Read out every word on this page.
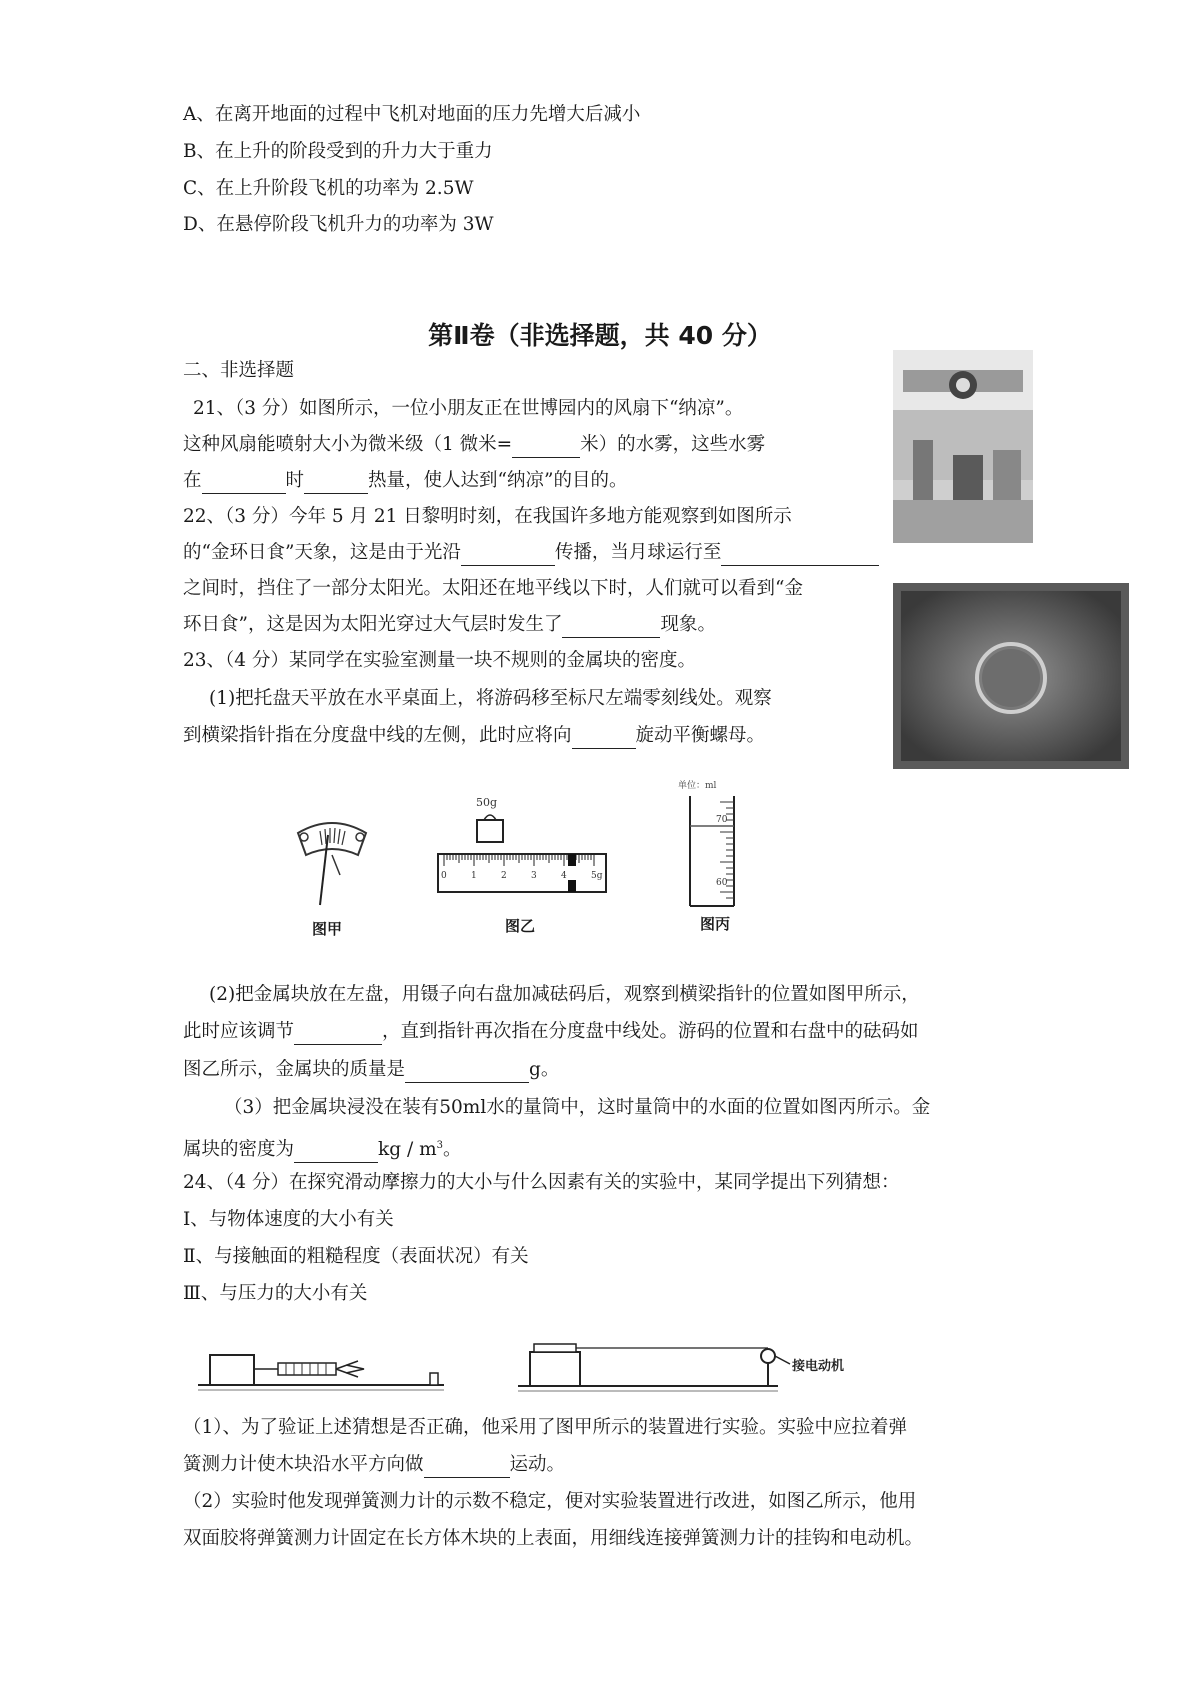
A、在离开地面的过程中飞机对地面的压力先增大后减小
B、在上升的阶段受到的升力大于重力
C、在上升阶段飞机的功率为 2.5W
D、在悬停阶段飞机升力的功率为 3W
第Ⅱ卷（非选择题，共 40 分）
二、非选择题
21、（3 分）如图所示，一位小朋友正在世博园内的风扇下“纳凉”。
这种风扇能喷射大小为微米级（1 微米=	米）的水雾，这些水雾
在	时	热量，使人达到“纳凉”的目的。
22、（3 分）今年 5 月 21 日黎明时刻，在我国许多地方能观察到如图所示
的“金环日食”天象，这是由于光沿	传播，当月球运行至
之间时，挡住了一部分太阳光。太阳还在地平线以下时，人们就可以看到“金
环日食”，这是因为太阳光穿过大气层时发生了	现象。
23、（4 分）某同学在实验室测量一块不规则的金属块的密度。
(1)把托盘天平放在水平桌面上，将游码移至标尺左端零刻线处。观察
到横梁指针指在分度盘中线的左侧，此时应将向	旋动平衡螺母。
图甲
50g
0	1	2	3	4	5g
图乙
单位：ml
70
60
图丙
(2)把金属块放在左盘，用镊子向右盘加减砝码后，观察到横梁指针的位置如图甲所示，
此时应该调节	，直到指针再次指在分度盘中线处。游码的位置和右盘中的砝码如
图乙所示，金属块的质量是	g。
（3）把金属块浸没在装有50ml水的量筒中，这时量筒中的水面的位置如图丙所示。金
属块的密度为	kg / $m^3$。
24、（4 分）在探究滑动摩擦力的大小与什么因素有关的实验中，某同学提出下列猜想：
Ⅰ、与物体速度的大小有关
Ⅱ、与接触面的粗糙程度（表面状况）有关
Ⅲ、与压力的大小有关
接电动机
（1）、为了验证上述猜想是否正确，他采用了图甲所示的装置进行实验。实验中应拉着弹
簧测力计使木块沿水平方向做	运动。
（2）实验时他发现弹簧测力计的示数不稳定，便对实验装置进行改进，如图乙所示，他用
双面胶将弹簧测力计固定在长方体木块的上表面，用细线连接弹簧测力计的挂钩和电动机。
